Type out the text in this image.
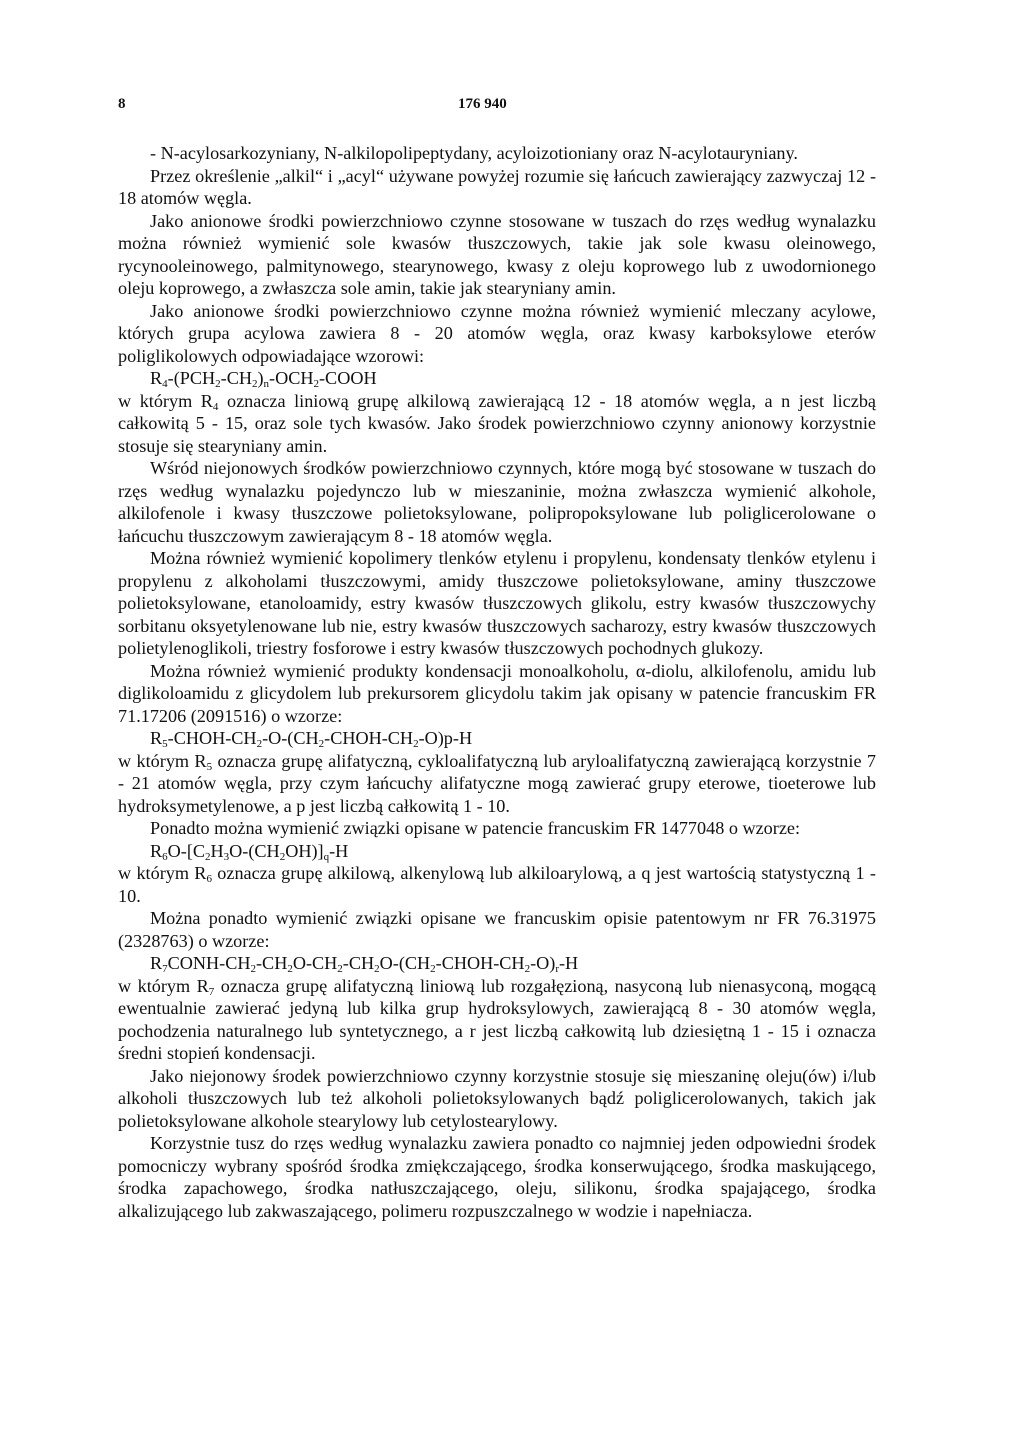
8	176 940

- N-acylosarkozyniany, N-alkilopolipeptydany, acyloizotioniany oraz N-acylotauryniany.

Przez określenie „alkil“ i „acyl“ używane powyżej rozumie się łańcuch zawierający zazwyczaj 12 - 18 atomów węgla.

Jako anionowe środki powierzchniowo czynne stosowane w tuszach do rzęs według wynalazku można również wymienić sole kwasów tłuszczowych, takie jak sole kwasu oleinowego, rycynooleinowego, palmitynowego, stearynowego, kwasy z oleju koprowego lub z uwodornionego oleju koprowego, a zwłaszcza sole amin, takie jak stearyniany amin.

Jako anionowe środki powierzchniowo czynne można również wymienić mleczany acylowe, których grupa acylowa zawiera 8 - 20 atomów węgla, oraz kwasy karboksylowe eterów poliglikolowych odpowiadające wzorowi:

$R_4-(PCH_2-CH_2)_n-OCH_2$-COOH

w którym $R_4$ oznacza liniową grupę alkilową zawierającą 12 - 18 atomów węgla, a n jest liczbą całkowitą 5 - 15, oraz sole tych kwasów. Jako środek powierzchniowo czynny anionowy korzystnie stosuje się stearyniany amin.

Wśród niejonowych środków powierzchniowo czynnych, które mogą być stosowane w tuszach do rzęs według wynalazku pojedynczo lub w mieszaninie, można zwłaszcza wymienić alkohole, alkilofenole i kwasy tłuszczowe polietoksylowane, polipropoksylowane lub poliglicerolowane o łańcuchu tłuszczowym zawierającym 8 - 18 atomów węgla.

Można również wymienić kopolimery tlenków etylenu i propylenu, kondensaty tlenków etylenu i propylenu z alkoholami tłuszczowymi, amidy tłuszczowe polietoksylowane, aminy tłuszczowe polietoksylowane, etanoloamidy, estry kwasów tłuszczowych glikolu, estry kwasów tłuszczowychy sorbitanu oksyetylenowane lub nie, estry kwasów tłuszczowych sacharozy, estry kwasów tłuszczowych polietylenoglikoli, triestry fosforowe i estry kwasów tłuszczowych pochodnych glukozy.

Można również wymienić produkty kondensacji monoalkoholu, α-diolu, alkilofenolu, amidu lub diglikoloamidu z glicydolem lub prekursorem glicydolu takim jak opisany w patencie francuskim FR 71.17206 (2091516) o wzorze:

$R_5-CHOH-CH_2-O-(CH_2-CHOH-CH_2-O)p-H$

w którym $R_5$ oznacza grupę alifatyczną, cykloalifatyczną lub aryloalifatyczną zawierającą korzystnie 7 - 21 atomów węgla, przy czym łańcuchy alifatyczne mogą zawierać grupy eterowe, tioeterowe lub hydroksymetylenowe, a p jest liczbą całkowitą 1 - 10.

Ponadto można wymienić związki opisane w patencie francuskim FR 1477048 o wzorze:

$R_6O-[C_2H_3O-(CH_2OH)]_q-H$

w którym $R_6$ oznacza grupę alkilową, alkenylową lub alkiloarylową, a q jest wartością statystyczną 1 - 10.

Można ponadto wymienić związki opisane we francuskim opisie patentowym nr FR 76.31975 (2328763) o wzorze:

$R_7CONH-CH_2-CH_2O-CH_2-CH_2O-(CH_2-CHOH-CH_2-O)_r-H$

w którym $R_7$ oznacza grupę alifatyczną liniową lub rozgałęzioną, nasyconą lub nienasyconą, mogącą ewentualnie zawierać jedyną lub kilka grup hydroksylowych, zawierającą 8 - 30 atomów węgla, pochodzenia naturalnego lub syntetycznego, a r jest liczbą całkowitą lub dziesiętną 1 - 15 i oznacza średni stopień kondensacji.

Jako niejonowy środek powierzchniowo czynny korzystnie stosuje się mieszaninę oleju(ów) i/lub alkoholi tłuszczowych lub też alkoholi polietoksylowanych bądź poliglicerolowanych, takich jak polietoksylowane alkohole stearylowy lub cetylostearylowy.

Korzystnie tusz do rzęs według wynalazku zawiera ponadto co najmniej jeden odpowiedni środek pomocniczy wybrany spośród środka zmiękczającego, środka konserwującego, środka maskującego, środka zapachowego, środka natłuszczającego, oleju, silikonu, środka spajającego, środka alkalizującego lub zakwaszającego, polimeru rozpuszczalnego w wodzie i napełniacza.
